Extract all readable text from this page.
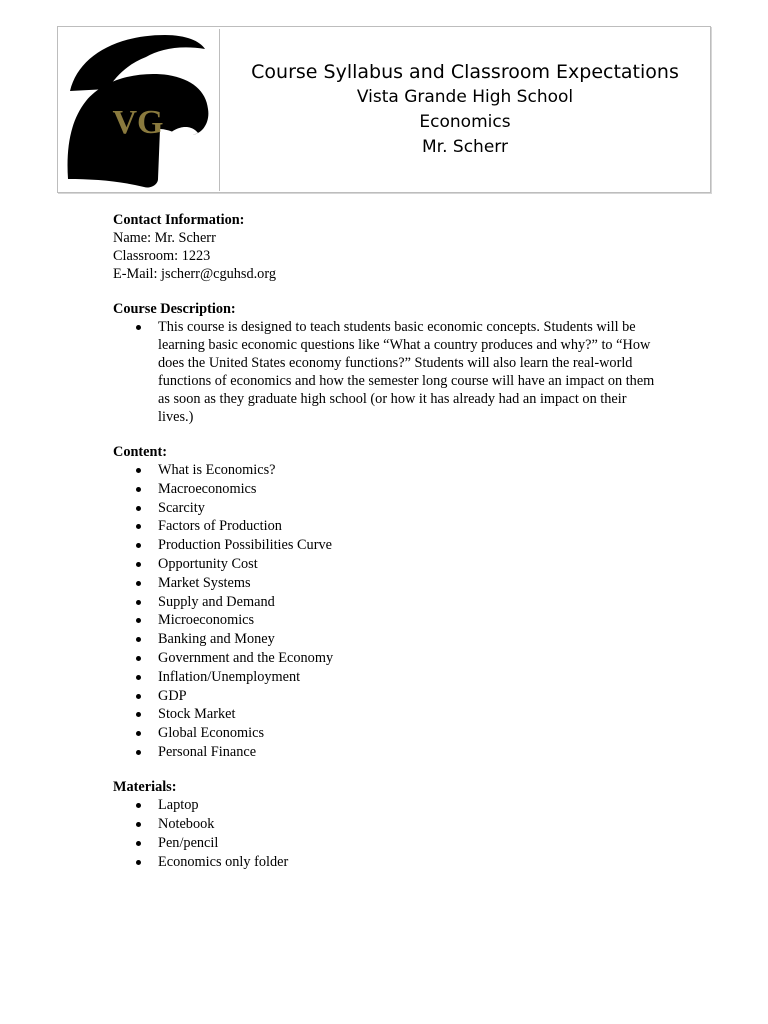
VG
Course Syllabus and Classroom Expectations
Vista Grande High School
Economics
Mr. Scherr
Contact Information:
Name: Mr. Scherr
Classroom: 1223
E-Mail: jscherr@cguhsd.org
Course Description:
This course is designed to teach students basic economic concepts. Students will be learning basic economic questions like “What a country produces and why?” to “How does the United States economy functions?” Students will also learn the real-world functions of economics and how the semester long course will have an impact on them as soon as they graduate high school (or how it has already had an impact on their lives.)
Content:
What is Economics?
Macroeconomics
Scarcity
Factors of Production
Production Possibilities Curve
Opportunity Cost
Market Systems
Supply and Demand
Microeconomics
Banking and Money
Government and the Economy
Inflation/Unemployment
GDP
Stock Market
Global Economics
Personal Finance
Materials:
Laptop
Notebook
Pen/pencil
Economics only folder
